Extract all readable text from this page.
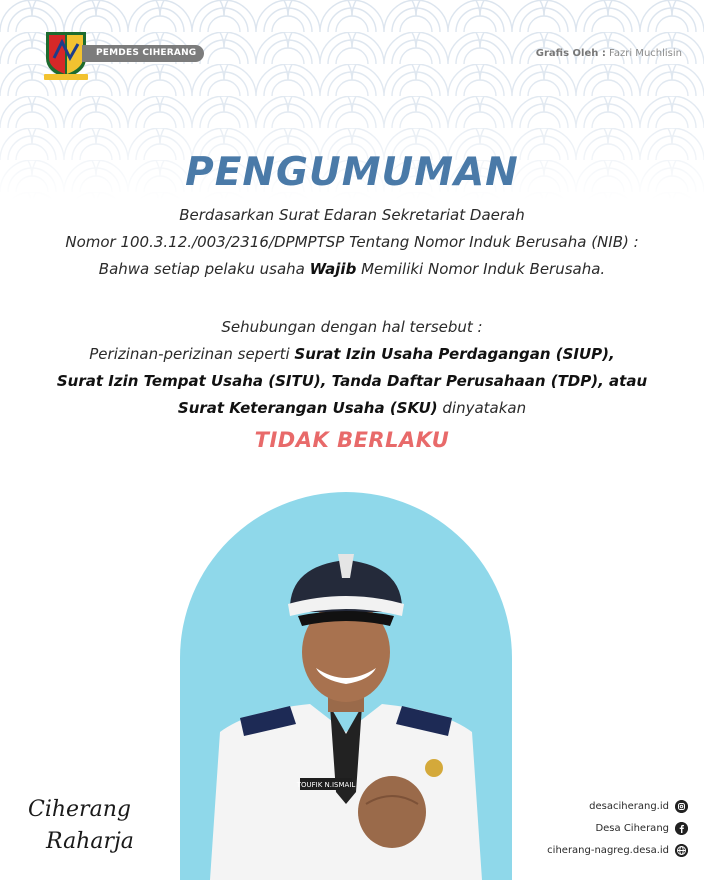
PEMDES CIHERANG	Grafis Oleh : Fazri Muchlisin
PENGUMUMAN
Berdasarkan Surat Edaran Sekretariat Daerah
Nomor 100.3.12./003/2316/DPMPTSP Tentang Nomor Induk Berusaha (NIB) :
Bahwa setiap pelaku usaha Wajib Memiliki Nomor Induk Berusaha.
Sehubungan dengan hal tersebut :
Perizinan-perizinan seperti Surat Izin Usaha Perdagangan (SIUP),
Surat Izin Tempat Usaha (SITU), Tanda Daftar Perusahaan (TDP), atau
Surat Keterangan Usaha (SKU) dinyatakan
TIDAK BERLAKU
TOUFIK N.ISMAIL
Ciherang
Raharja
desaciherang.id
Desa Ciherang
ciherang-nagreg.desa.id
